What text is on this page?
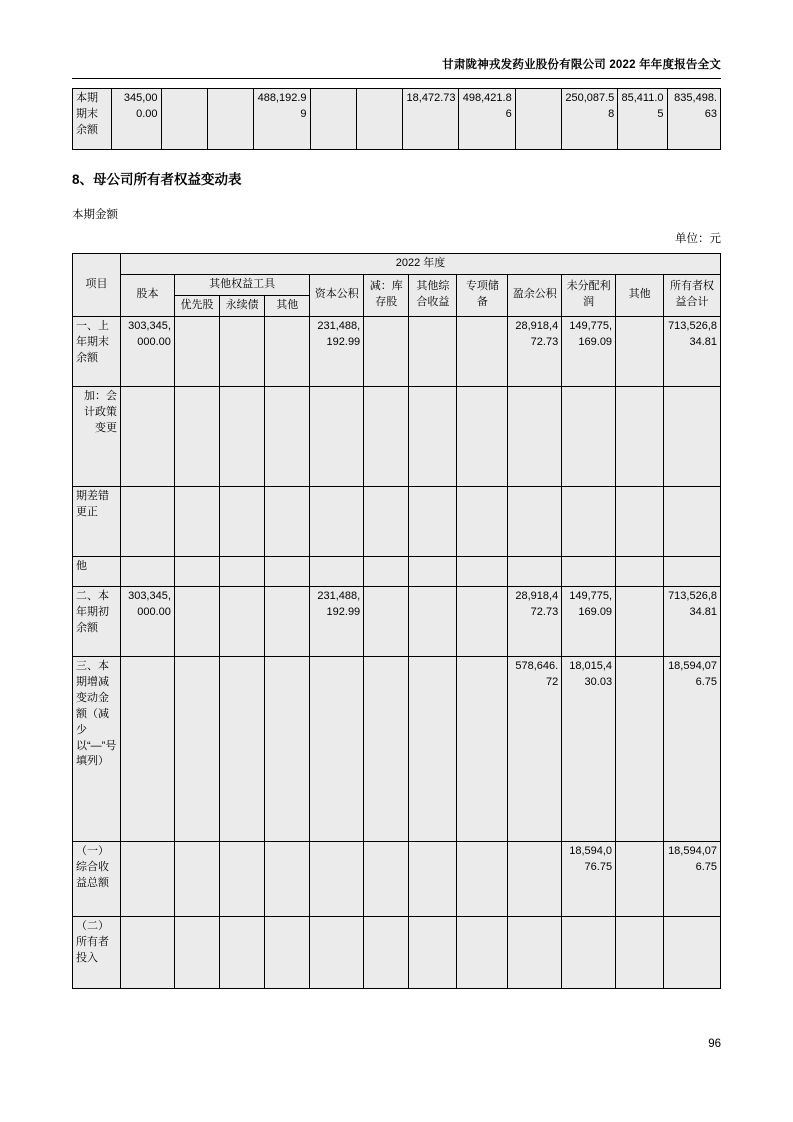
甘肃陇神戎发药业股份有限公司 2022 年年度报告全文
本期期末余额	345,000.00			488,192.99			18,472.73	498,421.86		250,087.58	85,411.05	835,498.63
8、母公司所有者权益变动表
本期金额
单位：元
项目	2022 年度											
	股本	其他权益工具			资本公积	减：库存股	其他综合收益	专项储备	盈余公积	未分配利润	其他	所有者权益合计
		优先股	永续债	其他								
一、上年期末余额	303,345,000.00				231,488,192.99				28,918,472.73	149,775,169.09		713,526,834.81
加：会计政策变更												
期差错更正												
他												
二、本年期初余额	303,345,000.00				231,488,192.99				28,918,472.73	149,775,169.09		713,526,834.81
三、本期增减变动金额（减少以“—”号填列）									578,646.72	18,015,430.03		18,594,076.75
（一）综合收益总额										18,594,076.75		18,594,076.75
（二）所有者投入												
96
